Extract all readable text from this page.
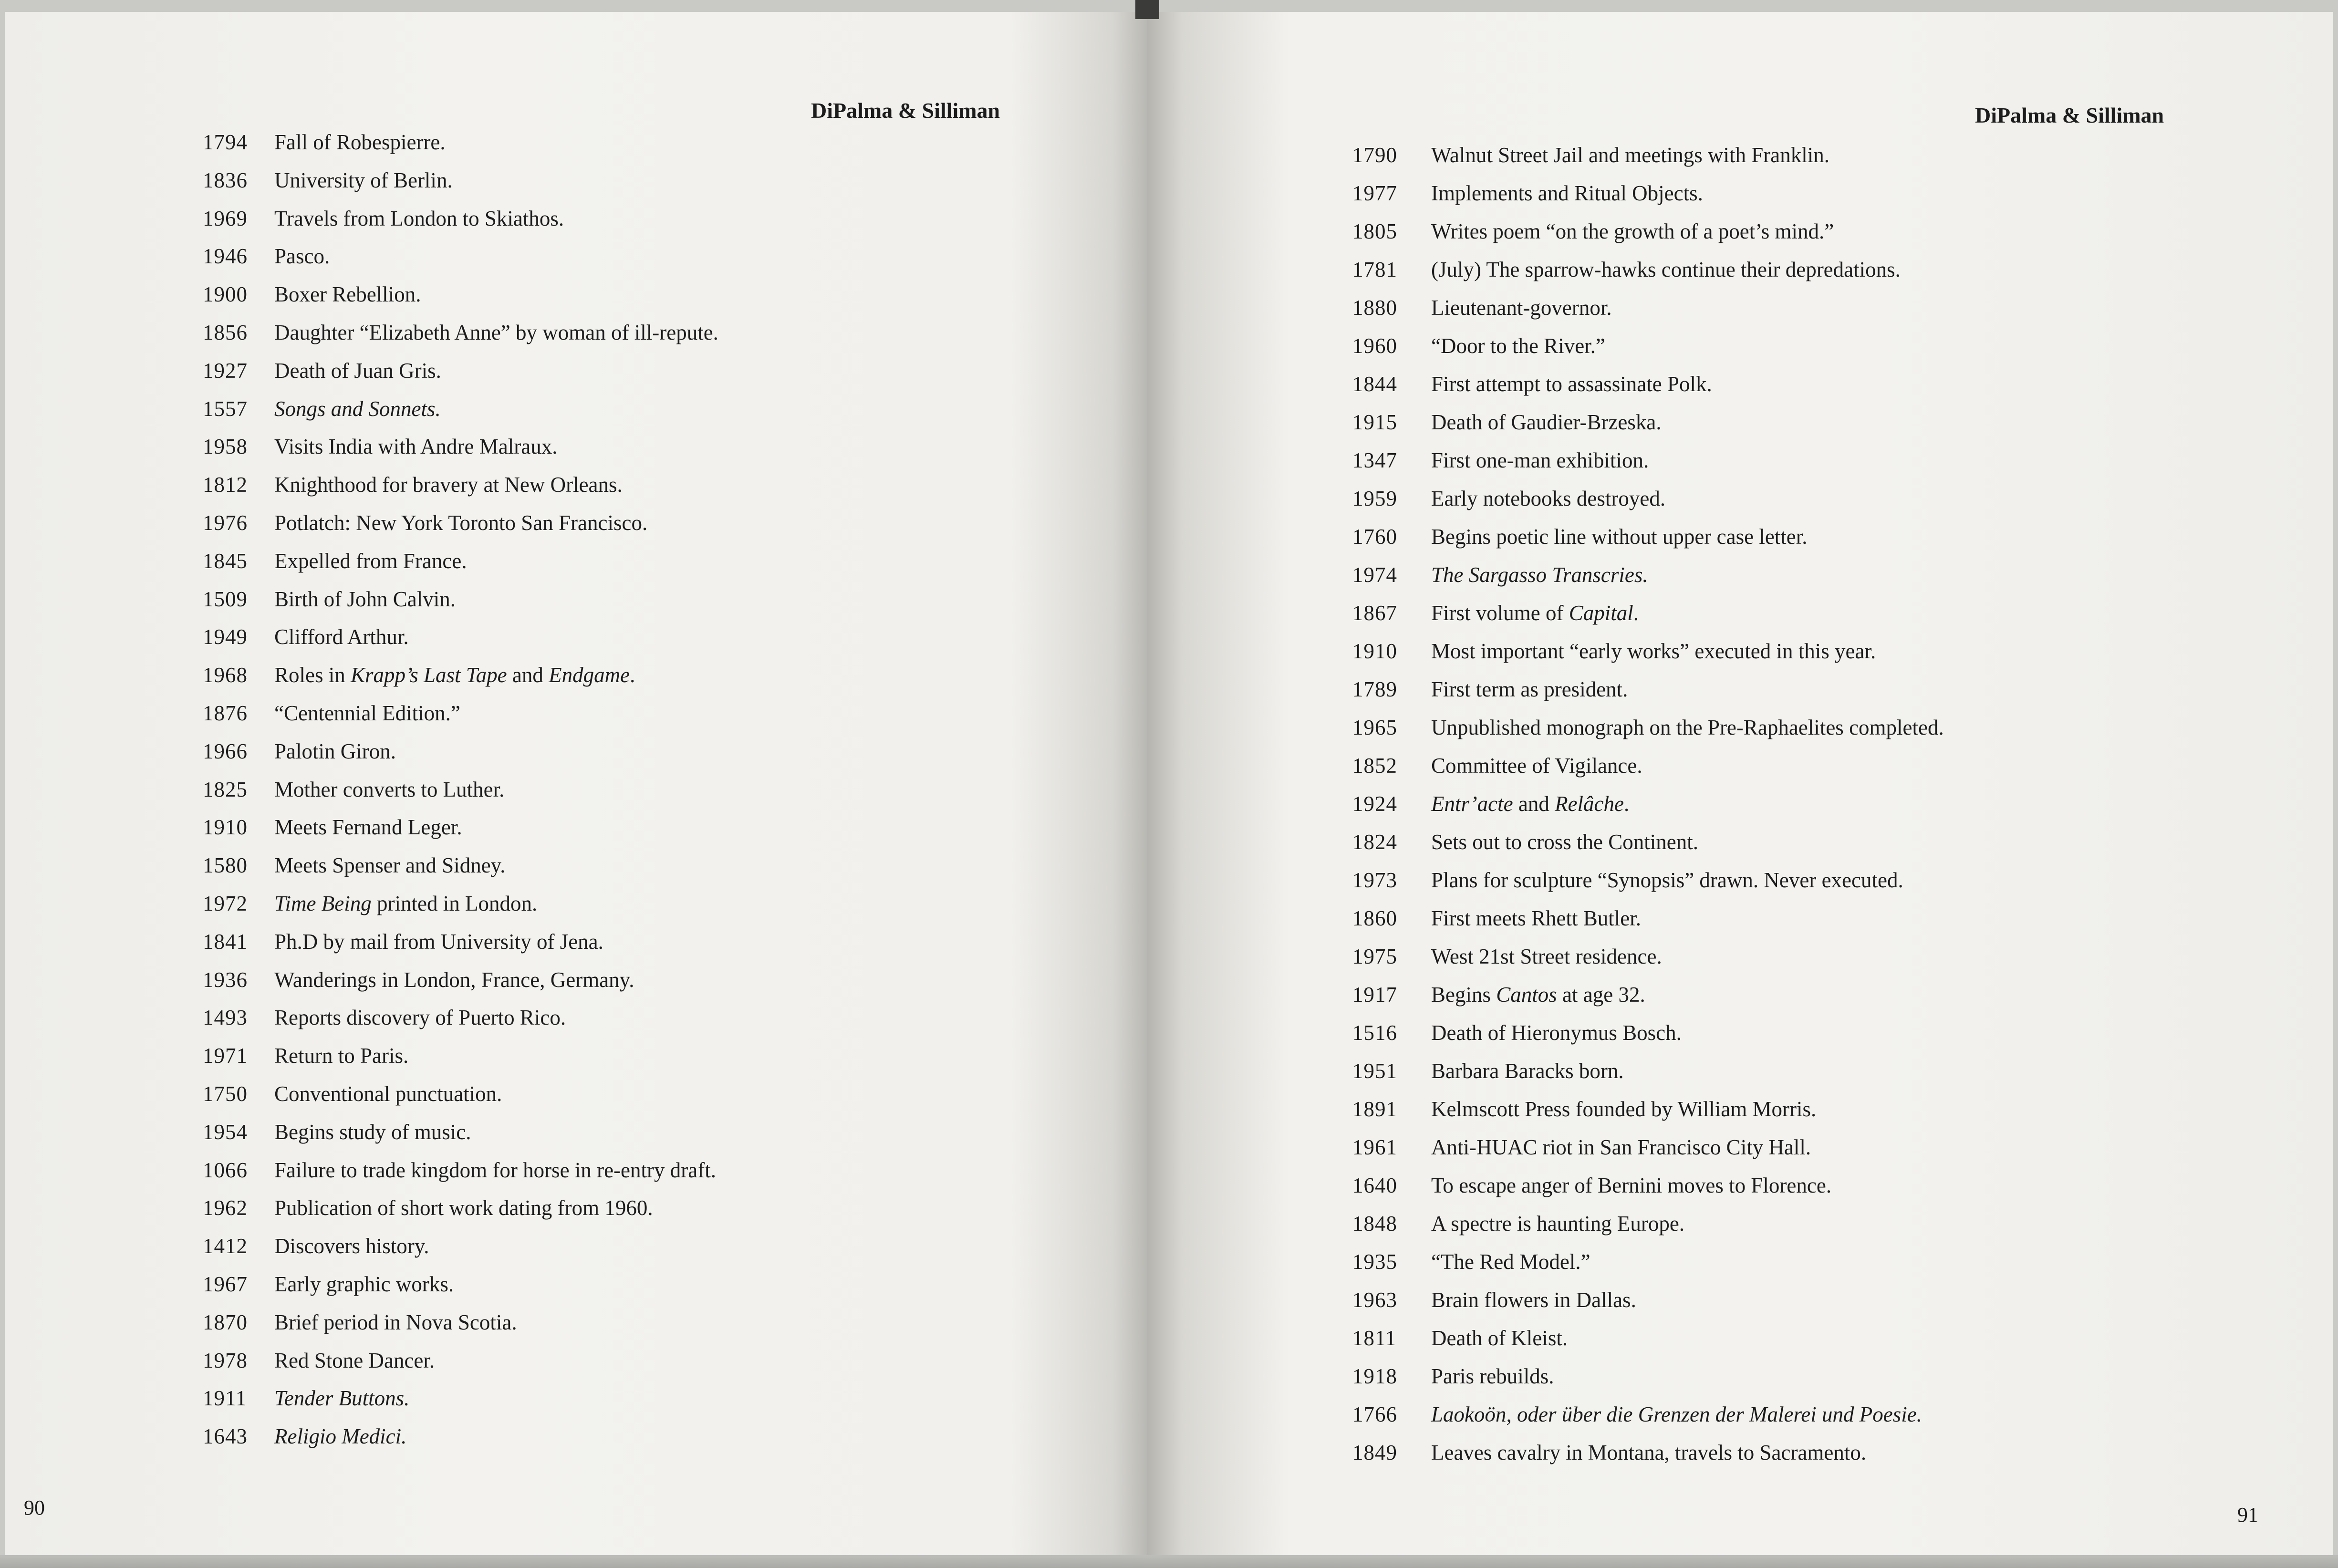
DiPalma & Silliman
1794	Fall of Robespierre.
1836	University of Berlin.
1969	Travels from London to Skiathos.
1946	Pasco.
1900	Boxer Rebellion.
1856	Daughter “Elizabeth Anne” by woman of ill-repute.
1927	Death of Juan Gris.
1557	Songs and Sonnets.
1958	Visits India with Andre Malraux.
1812	Knighthood for bravery at New Orleans.
1976	Potlatch: New York Toronto San Francisco.
1845	Expelled from France.
1509	Birth of John Calvin.
1949	Clifford Arthur.
1968	Roles in Krapp’s Last Tape and Endgame.
1876	“Centennial Edition.”
1966	Palotin Giron.
1825	Mother converts to Luther.
1910	Meets Fernand Leger.
1580	Meets Spenser and Sidney.
1972	Time Being printed in London.
1841	Ph.D by mail from University of Jena.
1936	Wanderings in London, France, Germany.
1493	Reports discovery of Puerto Rico.
1971	Return to Paris.
1750	Conventional punctuation.
1954	Begins study of music.
1066	Failure to trade kingdom for horse in re-entry draft.
1962	Publication of short work dating from 1960.
1412	Discovers history.
1967	Early graphic works.
1870	Brief period in Nova Scotia.
1978	Red Stone Dancer.
1911	Tender Buttons.
1643	Religio Medici.
90
DiPalma & Silliman
1790	Walnut Street Jail and meetings with Franklin.
1977	Implements and Ritual Objects.
1805	Writes poem “on the growth of a poet’s mind.”
1781	(July) The sparrow-hawks continue their depredations.
1880	Lieutenant-governor.
1960	“Door to the River.”
1844	First attempt to assassinate Polk.
1915	Death of Gaudier-Brzeska.
1347	First one-man exhibition.
1959	Early notebooks destroyed.
1760	Begins poetic line without upper case letter.
1974	The Sargasso Transcries.
1867	First volume of Capital.
1910	Most important “early works” executed in this year.
1789	First term as president.
1965	Unpublished monograph on the Pre-Raphaelites completed.
1852	Committee of Vigilance.
1924	Entr’acte and Relâche.
1824	Sets out to cross the Continent.
1973	Plans for sculpture “Synopsis” drawn. Never executed.
1860	First meets Rhett Butler.
1975	West 21st Street residence.
1917	Begins Cantos at age 32.
1516	Death of Hieronymus Bosch.
1951	Barbara Baracks born.
1891	Kelmscott Press founded by William Morris.
1961	Anti-HUAC riot in San Francisco City Hall.
1640	To escape anger of Bernini moves to Florence.
1848	A spectre is haunting Europe.
1935	“The Red Model.”
1963	Brain flowers in Dallas.
1811	Death of Kleist.
1918	Paris rebuilds.
1766	Laokoön, oder über die Grenzen der Malerei und Poesie.
1849	Leaves cavalry in Montana, travels to Sacramento.
91
